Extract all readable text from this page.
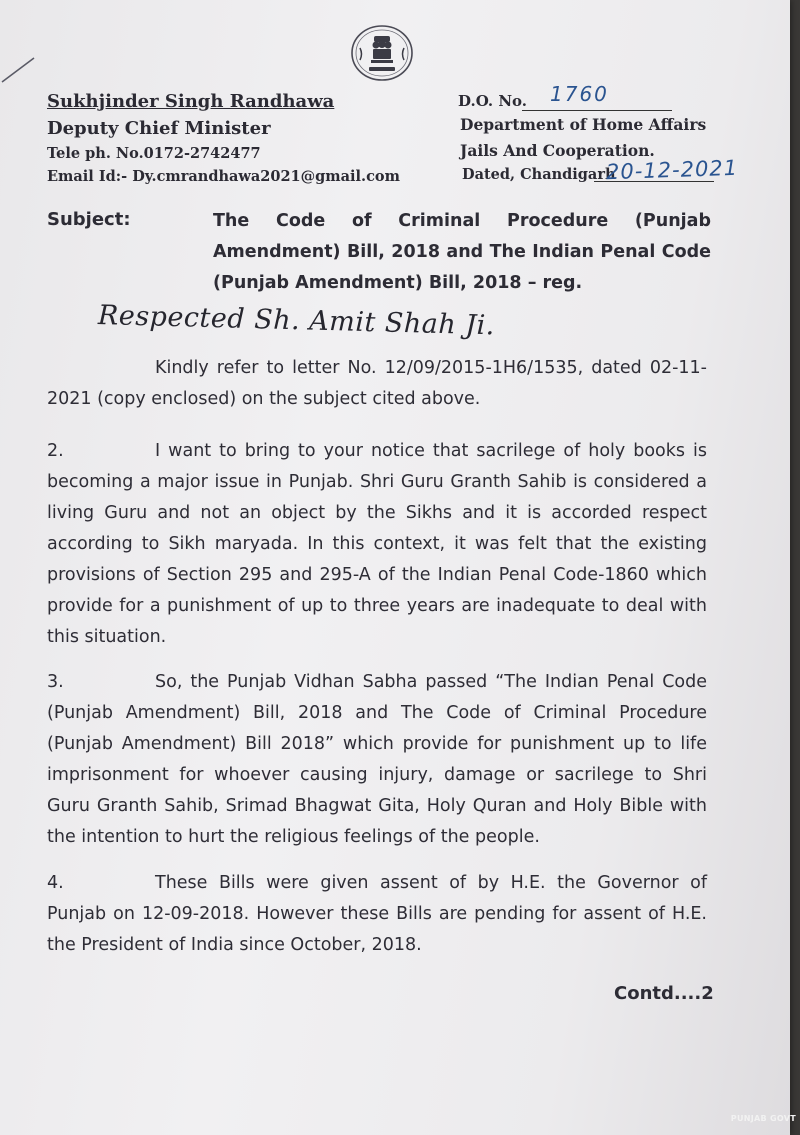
Sukhjinder Singh Randhawa
Deputy Chief Minister
Tele ph. No.0172-2742477
Email Id:- Dy.cmrandhawa2021@gmail.com
D.O. No. 1760
Department of Home Affairs
Jails And Cooperation.
Dated, Chandigarh
20-12-2021
Subject:	The Code of Criminal Procedure (Punjab Amendment) Bill, 2018 and The Indian Penal Code (Punjab Amendment) Bill, 2018 – reg.
Respected Sh. Amit Shah Ji.
Kindly refer to letter No. 12/09/2015-1H6/1535, dated 02-11-2021 (copy enclosed) on the subject cited above.
2.	I want to bring to your notice that sacrilege of holy books is becoming a major issue in Punjab. Shri Guru Granth Sahib is considered a living Guru and not an object by the Sikhs and it is accorded respect according to Sikh maryada. In this context, it was felt that the existing provisions of Section 295 and 295-A of the Indian Penal Code-1860 which provide for a punishment of up to three years are inadequate to deal with this situation.
3.	So, the Punjab Vidhan Sabha passed “The Indian Penal Code (Punjab Amendment) Bill, 2018 and The Code of Criminal Procedure (Punjab Amendment) Bill 2018” which provide for punishment up to life imprisonment for whoever causing injury, damage or sacrilege to Shri Guru Granth Sahib, Srimad Bhagwat Gita, Holy Quran and Holy Bible with the intention to hurt the religious feelings of the people.
4.	These Bills were given assent of by H.E. the Governor of Punjab on 12-09-2018. However these Bills are pending for assent of H.E. the President of India since October, 2018.
Contd....2
PUNJAB GOVT
